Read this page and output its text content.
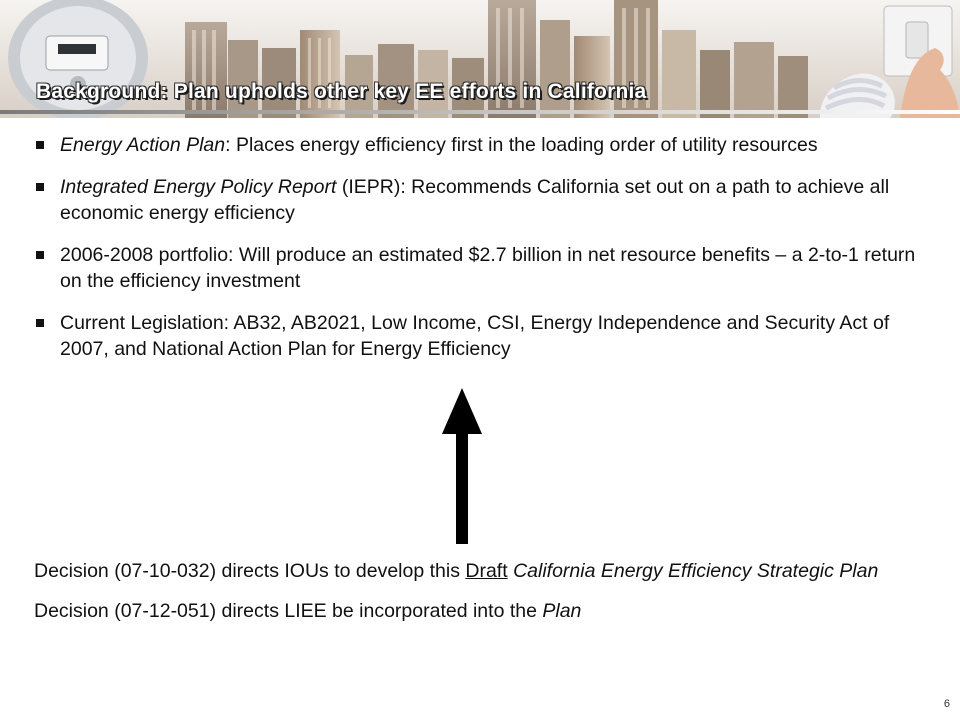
Background: Plan upholds other key EE efforts in California
Energy Action Plan: Places energy efficiency first in the loading order of utility resources
Integrated Energy Policy Report (IEPR): Recommends California set out on a path to achieve all economic energy efficiency
2006-2008 portfolio: Will produce an estimated $2.7 billion in net resource benefits – a 2-to-1 return on the efficiency investment
Current Legislation: AB32, AB2021, Low Income, CSI, Energy Independence and Security Act of 2007, and National Action Plan for Energy Efficiency
Decision (07-10-032) directs IOUs to develop this Draft California Energy Efficiency Strategic Plan
Decision (07-12-051) directs LIEE be incorporated into the Plan
6
